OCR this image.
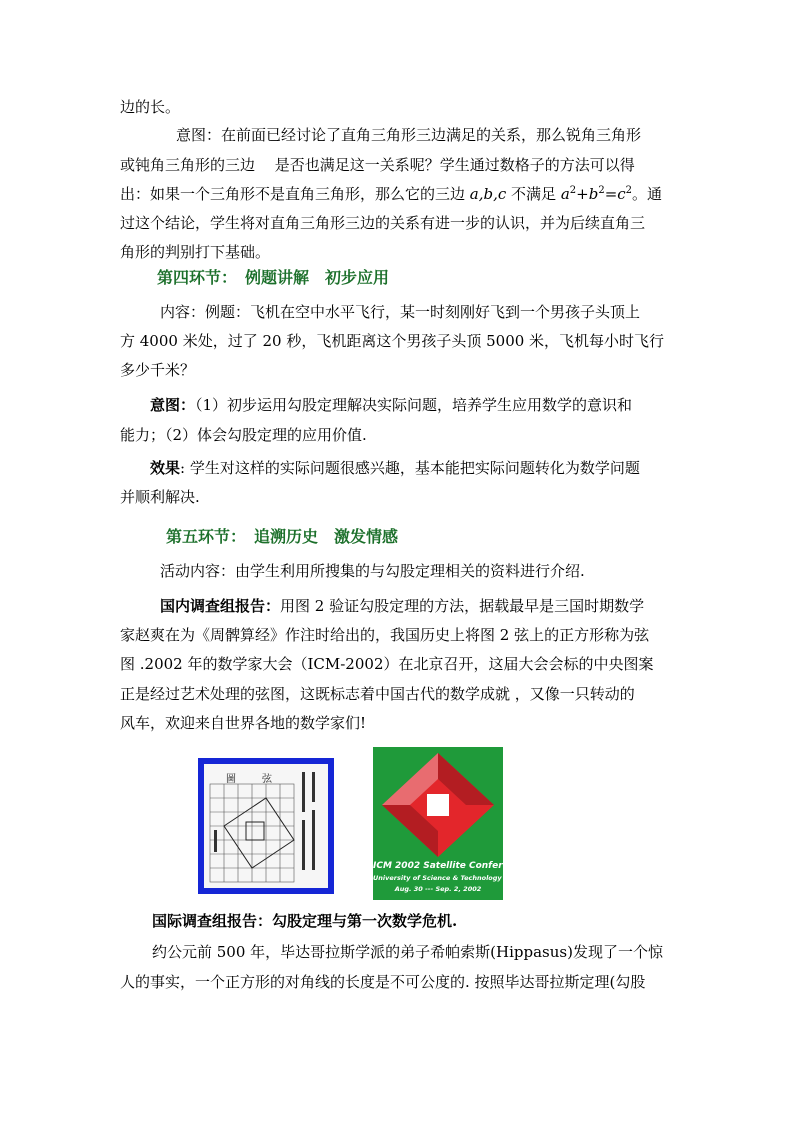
边的长。
意图：在前面已经讨论了直角三角形三边满足的关系，那么锐角三角形
或钝角三角形的三边　 是否也满足这一关系呢？学生通过数格子的方法可以得
出：如果一个三角形不是直角三角形，那么它的三边 a,b,c 不满足 $a^2+b^2=c^2$。通
过这个结论，学生将对直角三角形三边的关系有进一步的认识，并为后续直角三
角形的判别打下基础。
第四环节：　例题讲解　初步应用
内容：例题：飞机在空中水平飞行，某一时刻刚好飞到一个男孩子头顶上
方 4000 米处，过了 20 秒，飞机距离这个男孩子头顶 5000 米，飞机每小时飞行
多少千米？
意图：（1）初步运用勾股定理解决实际问题，培养学生应用数学的意识和
能力；（2）体会勾股定理的应用价值.
效果: 学生对这样的实际问题很感兴趣，基本能把实际问题转化为数学问题
并顺利解决.
第五环节：　追溯历史　激发情感
活动内容：由学生利用所搜集的与勾股定理相关的资料进行介绍.
国内调查组报告：用图 2 验证勾股定理的方法，据载最早是三国时期数学
家赵爽在为《周髀算经》作注时给出的，我国历史上将图 2 弦上的正方形称为弦
图 .2002 年的数学家大会（ICM-2002）在北京召开，这届大会会标的中央图案
正是经过艺术处理的弦图，这既标志着中国古代的数学成就 ，又像一只转动的
风车，欢迎来自世界各地的数学家们!
圖	弦
ICM 2002 Satellite Conference
University of Science & Technology of China
Aug. 30 --- Sep. 2, 2002
国际调查组报告：勾股定理与第一次数学危机.
约公元前 500 年，毕达哥拉斯学派的弟子希帕索斯(Hippasus)发现了一个惊
人的事实，一个正方形的对角线的长度是不可公度的. 按照毕达哥拉斯定理(勾股
